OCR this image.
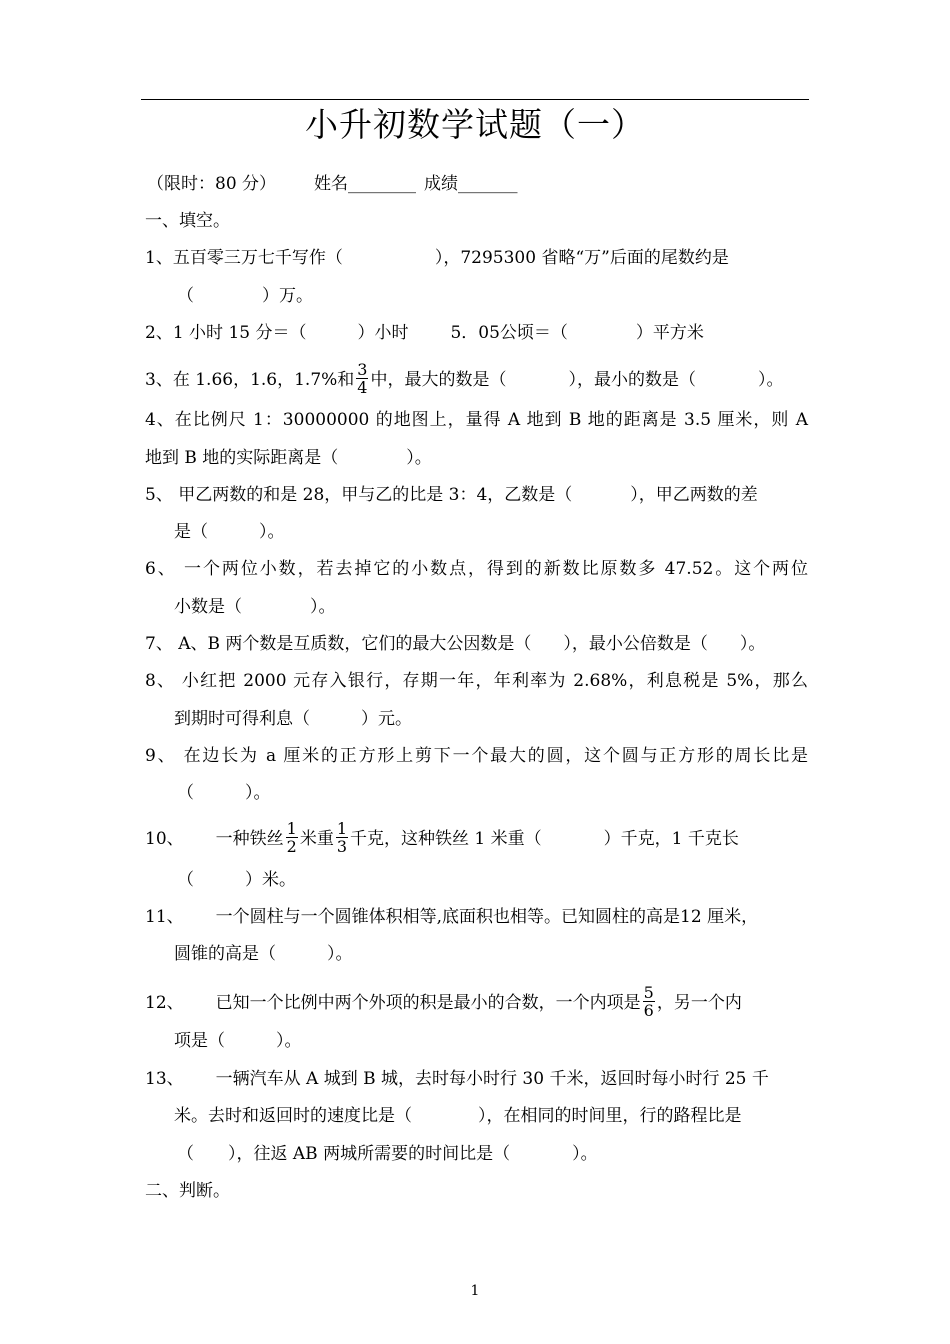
小升初数学试题（一）
（限时：80 分） 姓名________ 成绩_______
一、填空。
1、五百零三万七千写作（	），7295300 省略“万”后面的尾数约是
（　　　　）万。
2、1 小时 15 分＝（　　　）小时 5．05公顷＝（　　　　）平方米
3、在 1.66，1.6，1.7%和 $\frac{3}{4}$ 中，最大的数是（	），最小的数是（	）。
4、在比例尺 1：30000000 的地图上，量得 A 地到 B 地的距离是 3.5 厘米，则 A
地到 B 地的实际距离是（　　　　）。
5、 甲乙两数的和是 28，甲与乙的比是 3：4，乙数是（	），甲乙两数的差
是（　　　）。
6、 一个两位小数，若去掉它的小数点，得到的新数比原数多 47.52。这个两位
小数是（　　　　）。
7、 A、B 两个数是互质数，它们的最大公因数是（ ），最小公倍数是（ ）。
8、 小红把 2000 元存入银行，存期一年，年利率为 2.68%，利息税是 5%，那么
到期时可得利息（　　　）元。
9、 在边长为 a 厘米的正方形上剪下一个最大的圆，这个圆与正方形的周长比是
（　　　）。
10、 一种铁丝 $\frac{1}{2}$ 米重 $\frac{1}{3}$ 千克，这种铁丝 1 米重（	）千克，1 千克长
（　　　）米。
11、 一个圆柱与一个圆锥体积相等,底面积也相等。已知圆柱的高是12 厘米，
圆锥的高是（　　　）。
12、 已知一个比例中两个外项的积是最小的合数，一个内项是 $\frac{5}{6}$ ，另一个内
项是（　　　）。
13、 一辆汽车从 A 城到 B 城，去时每小时行 30 千米，返回时每小时行 25 千
米。去时和返回时的速度比是（	），在相同的时间里，行的路程比是
（　　），往返 AB 两城所需要的时间比是（	）。
二、判断。
1
